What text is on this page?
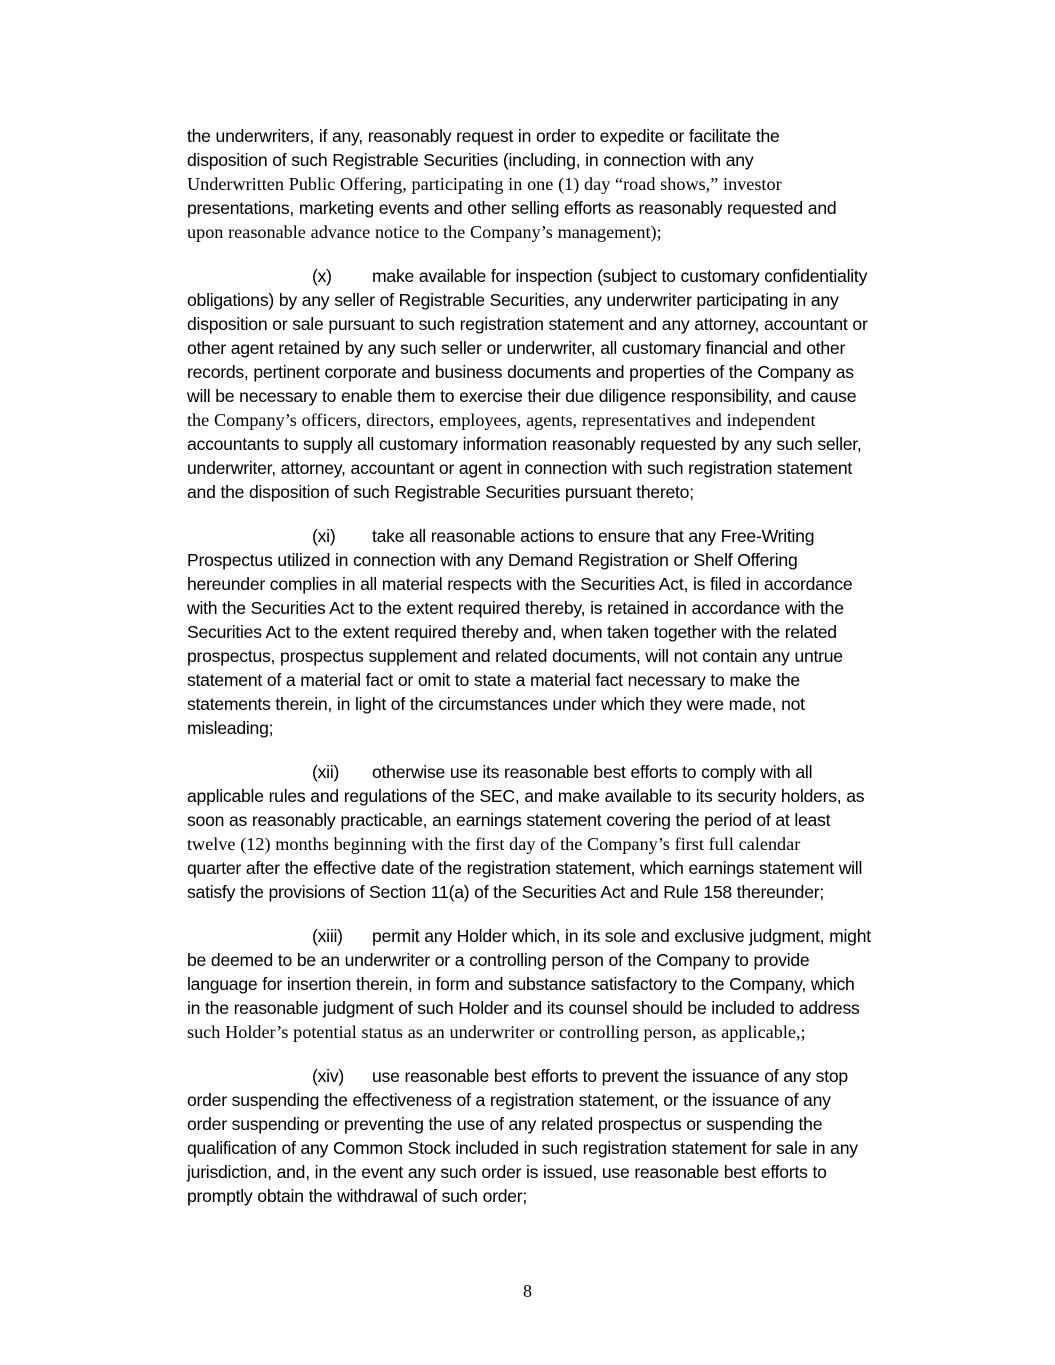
the underwriters, if any, reasonably request in order to expedite or facilitate the
disposition of such Registrable Securities (including, in connection with any
Underwritten Public Offering, participating in one (1) day “road shows,” investor
presentations, marketing events and other selling efforts as reasonably requested and
upon reasonable advance notice to the Company’s management);
(x) make available for inspection (subject to customary confidentiality
obligations) by any seller of Registrable Securities, any underwriter participating in any
disposition or sale pursuant to such registration statement and any attorney, accountant or
other agent retained by any such seller or underwriter, all customary financial and other
records, pertinent corporate and business documents and properties of the Company as
will be necessary to enable them to exercise their due diligence responsibility, and cause
the Company’s officers, directors, employees, agents, representatives and independent
accountants to supply all customary information reasonably requested by any such seller,
underwriter, attorney, accountant or agent in connection with such registration statement
and the disposition of such Registrable Securities pursuant thereto;
(xi) take all reasonable actions to ensure that any Free-Writing
Prospectus utilized in connection with any Demand Registration or Shelf Offering
hereunder complies in all material respects with the Securities Act, is filed in accordance
with the Securities Act to the extent required thereby, is retained in accordance with the
Securities Act to the extent required thereby and, when taken together with the related
prospectus, prospectus supplement and related documents, will not contain any untrue
statement of a material fact or omit to state a material fact necessary to make the
statements therein, in light of the circumstances under which they were made, not
misleading;
(xii) otherwise use its reasonable best efforts to comply with all
applicable rules and regulations of the SEC, and make available to its security holders, as
soon as reasonably practicable, an earnings statement covering the period of at least
twelve (12) months beginning with the first day of the Company’s first full calendar
quarter after the effective date of the registration statement, which earnings statement will
satisfy the provisions of Section 11(a) of the Securities Act and Rule 158 thereunder;
(xiii) permit any Holder which, in its sole and exclusive judgment, might
be deemed to be an underwriter or a controlling person of the Company to provide
language for insertion therein, in form and substance satisfactory to the Company, which
in the reasonable judgment of such Holder and its counsel should be included to address
such Holder’s potential status as an underwriter or controlling person, as applicable,;
(xiv) use reasonable best efforts to prevent the issuance of any stop
order suspending the effectiveness of a registration statement, or the issuance of any
order suspending or preventing the use of any related prospectus or suspending the
qualification of any Common Stock included in such registration statement for sale in any
jurisdiction, and, in the event any such order is issued, use reasonable best efforts to
promptly obtain the withdrawal of such order;
8
